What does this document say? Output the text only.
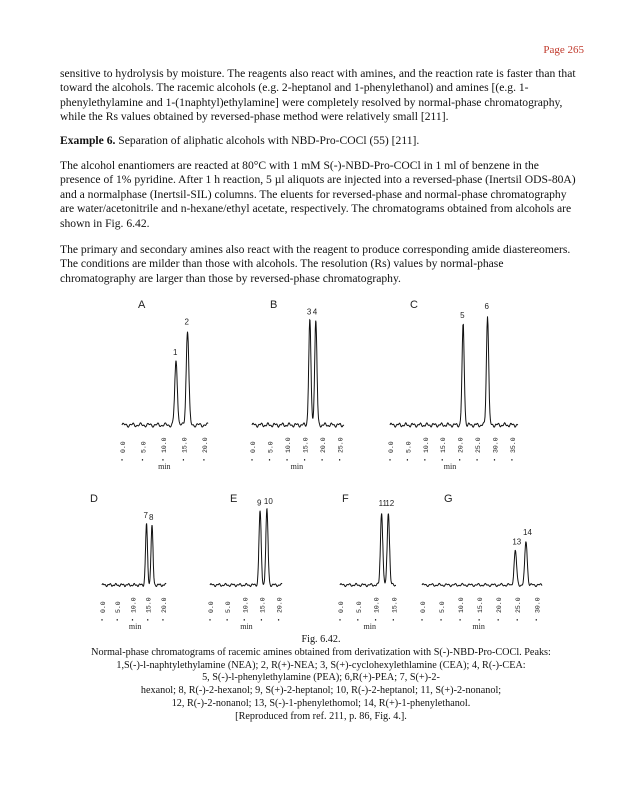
Page 265

sensitive to hydrolysis by moisture. The reagents also react with amines, and the reaction rate is faster than that toward the alcohols. The racemic alcohols (e.g. 2-heptanol and 1-phenylethanol) and amines [(e.g. 1-phenylethylamine and 1-(1naphtyl)ethylamine] were completely resolved by normal-phase chromatography, while the Rs values obtained by reversed-phase method were relatively small [211].

Example 6. Separation of aliphatic alcohols with NBD-Pro-COCl (55) [211].

The alcohol enantiomers are reacted at 80°C with 1 mM S(-)-NBD-Pro-COCl in 1 ml of benzene in the presence of 1% pyridine. After 1 h reaction, 5 µl aliquots are injected into a reversed-phase (Inertsil ODS-80A) and a normalphase (Inertsil-SIL) columns. The eluents for reversed-phase and normal-phase chromatography are water/acetonitrile and n-hexane/ethyl acetate, respectively. The chromatograms obtained from alcohols are shown in Fig. 6.42.

The primary and secondary amines also react with the reagent to produce corresponding amide diastereomers. The conditions are milder than those with alcohols. The resolution (Rs) values by normal-phase chromatography are larger than those by reversed-phase chromatography.

A
1
2
0.0 5.0 10.0 15.0 20.0
min
B
3 4
0.0 5.0 10.0 15.0 20.0 25.0
min
C
5
6
0.0 5.0 10.0 15.0 20.0 25.0 30.0 35.0
min
D
7 8
0.0 5.0 10.0 15.0 20.0
min
E 9 10
0.0 5.0 10.0 15.0 20.0
min
F	11
12
0.0 5.0 10.0 15.0
min
G
13
14
0.0 5.0 10.0 15.0 20.0 25.0 30.0
min
Fig. 6.42.
Normal-phase chromatograms of racemic amines obtained from derivatization with S(-)-NBD-Pro-COCl. Peaks:
1,S(-)-l-naphtylethylamine (NEA); 2, R(+)-NEA; 3, S(+)-cyclohexylethlamine (CEA); 4, R(-)-CEA:
5, S(-)-l-phenylethylamine (PEA); 6,R(+)-PEA; 7, S(+)-2-
hexanol; 8, R(-)-2-hexanol; 9, S(+)-2-heptanol; 10, R(-)-2-heptanol; 11, S(+)-2-nonanol;
12, R(-)-2-nonanol; 13, S(-)-1-phenylethomol; 14, R(+)-1-phenylethanol.
[Reproduced from ref. 211, p. 86, Fig. 4.].
